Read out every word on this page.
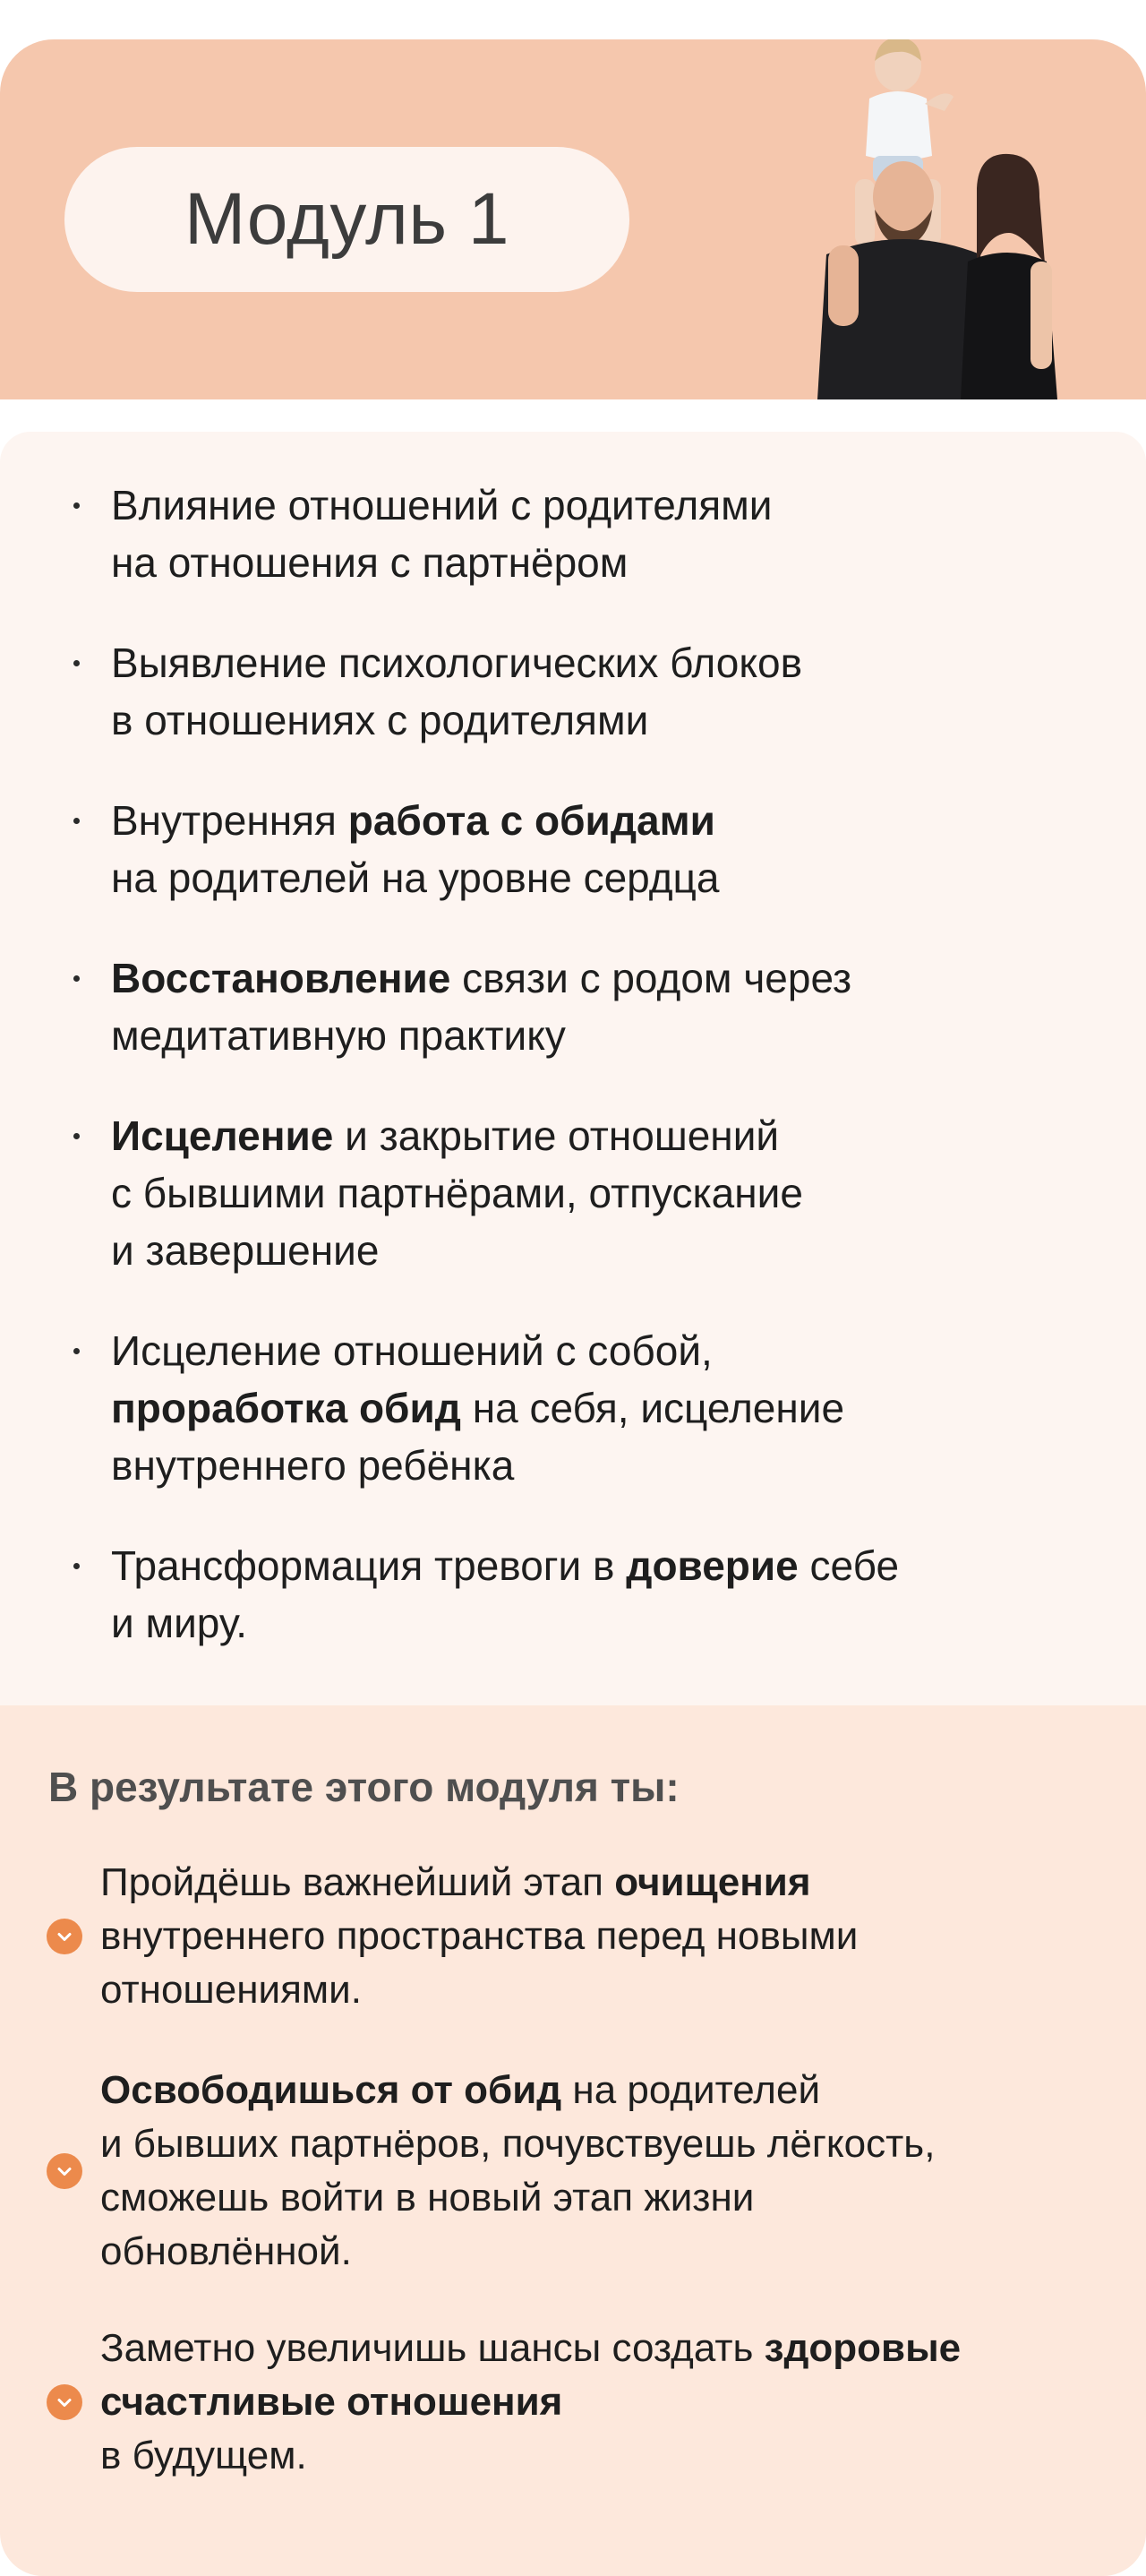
Модуль 1
Влияние отношений с родителями
на отношения с партнёром
Выявление психологических блоков
в отношениях с родителями
Внутренняя работа с обидами
на родителей на уровне сердца
Восстановление связи с родом через
медитативную практику
Исцеление и закрытие отношений
с бывшими партнёрами, отпускание
и завершение
Исцеление отношений с собой,
проработка обид на себя, исцеление
внутреннего ребёнка
Трансформация тревоги в доверие себе
и миру.
В результате этого модуля ты:
Пройдёшь важнейший этап очищения
внутреннего пространства перед новыми
отношениями.
Освободишься от обид на родителей
и бывших партнёров, почувствуешь лёгкость,
сможешь войти в новый этап жизни
обновлённой.
Заметно увеличишь шансы создать здоровые
счастливые отношения
в будущем.
